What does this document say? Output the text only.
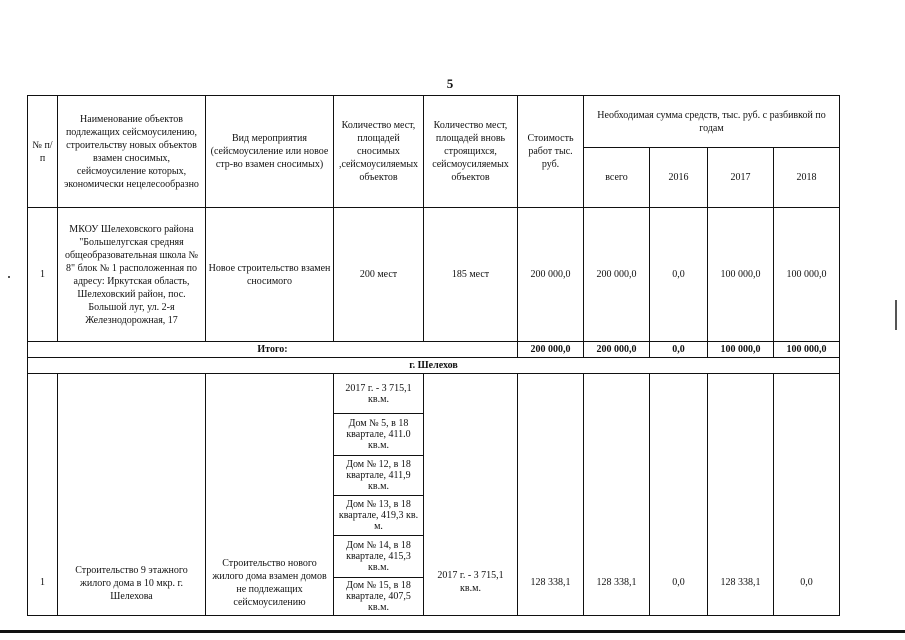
5
№ п/п	Наименование объектов подлежащих сейсмоусилению, строительству новых объектов взамен сносимых, сейсмоусиление которых, экономически нецелесообразно	Вид мероприятия (сейсмоусиление или новое стр-во взамен сносимых)	Количество мест, площадей сносимых ,сейсмоусиляемых объектов	Количество мест, площадей вновь строящихся, сейсмоусиляемых объектов	Стоимость работ тыс. руб.	Необходимая сумма средств, тыс. руб. с разбивкой по годам			
						всего	2016	2017	2018
1	МКОУ Шелеховского района "Большелугская средняя общеобразовательная школа № 8" блок № 1 расположенная по адресу: Иркутская область, Шелеховский район, пос. Большой луг, ул. 2-я Железнодорожная, 17	Новое строительство взамен сносимого	200 мест	185 мест	200 000,0	200 000,0	0,0	100 000,0	100 000,0
Итого:					200 000,0	200 000,0	0,0	100 000,0	100 000,0
г. Шелехов									
1	Строительство 9 этажного жилого дома в 10 мкр. г. Шелехова	Строительство нового жилого дома взамен домов не подлежащих сейсмоусилению	2017 г. - 3 715,1 кв.м.	2017 г. - 3 715,1 кв.м.	128 338,1	128 338,1	0,0	128 338,1	0,0
			Дом № 5, в 18 квартале, 411.0 кв.м.						
			Дом № 12, в 18 квартале, 411,9 кв.м.						
			Дом № 13, в 18 квартале, 419,3 кв. м.						
			Дом № 14, в 18 квартале, 415,3 кв.м.						
			Дом № 15, в 18 квартале, 407,5 кв.м.						
